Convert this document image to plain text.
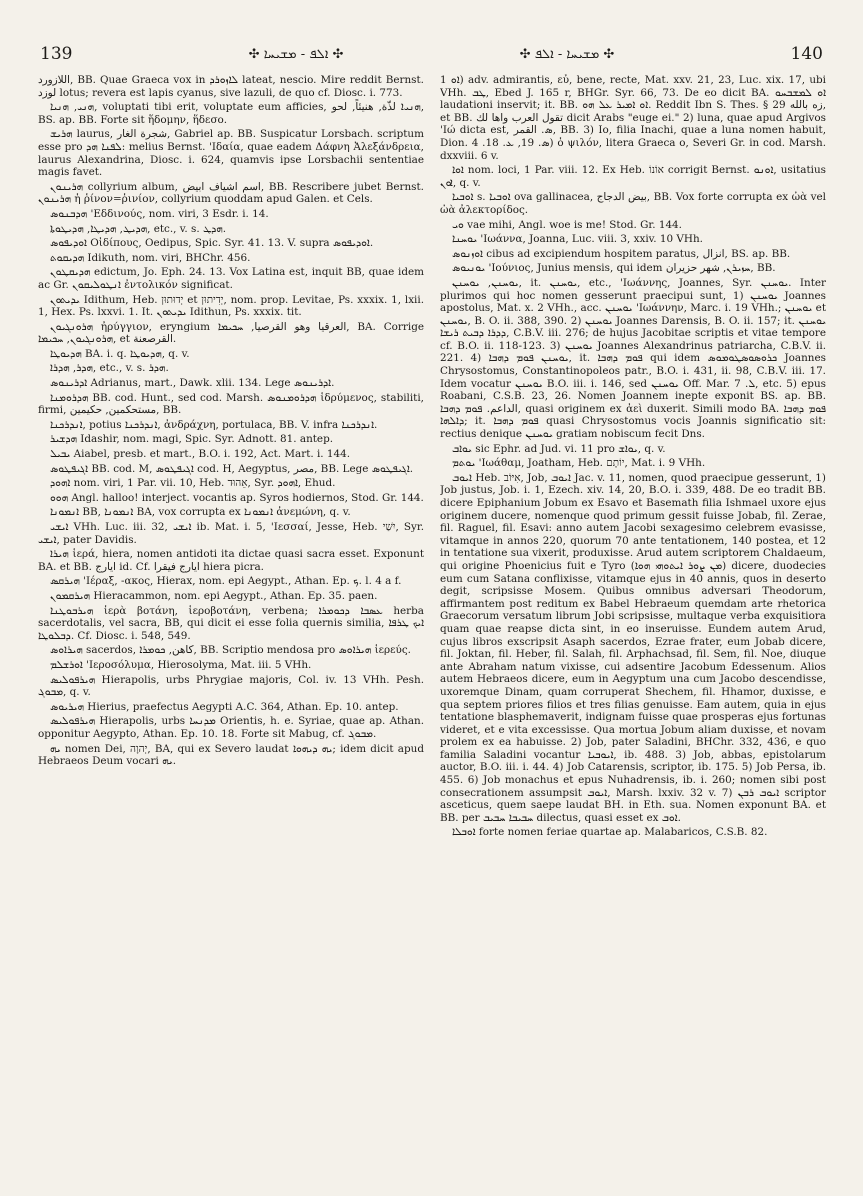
139	✣ ܐܠܦ - ܡܫܝܚܐ ✣	✣ ܡܫܝܚܐ - ܐܠܦ ✣	140

اللازورد, BB. Quae Graeca vox in ܠܐܙܘܪܕ lateat, nescio. Mire reddit Bernst. لوزد lotus; revera est lapis cyanus, sive lazuli, de quo cf. Diosc. i. 773.

ܗܢܝ, ܗܢܝܐ, voluptati tibi erit, voluptate eum afficies, ܗܢܝ‌ܐ لذّة, هنيئاً, لحو, BS. ap. BB. Forte sit ἥδομην, ἥδεσο.

ܗܪܝܫ laurus, شجرة الغار, Gabriel ap. BB. Suspicatur Lorsbach. scriptum esse pro ܠܦܢܐ ܗܕ: melius Bernst. 'Ιδαία, quae eadem Δάφνη Ἀλεξάνδρεια, laurus Alexandrina, Diosc. i. 624, quamvis ipse Lorsbachii sententiae magis favet.

ܗܪܝܢܘܢ collyrium album, اسم اشياف ابيض, BB. Rescribere jubet Bernst. ܗܪܝܢܘܢ ἡ ῥίνον=ῥινίον, collyrium quoddam apud Galen. et Cels.

ܗܕܒܢܘܣ 'Εδδινούς, nom. viri, 3 Esdr. i. 14.

ܗܕܝܛ, ܗܕܝܛܐ, ܗܕܝܛܘܬܐ, etc., v. s. ܗܕܛ.

ܐܘܕܝܦܘܣ Οἰδίπους, Oedipus, Spic. Syr. 41. 13. V. supra ܐܘܕܝܦܘܣ.

ܗܕܝܩܘܬ Idikuth, nom. viri, BHChr. 456.

ܗܕܝܩܛܘܢ edictum, Jo. Eph. 24. 13. Vox Latina est, inquit BB, quae idem ac Gr. ܐܢܛܘܠܝܩܘܢ ἐντολικόν significat.

ܝܕܝܬܘܢ Idithum, Heb. יְדוּתוּן et יְדִיתוּן, nom. prop. Levitae, Ps. xxxix. 1, lxii. 1, Hex. Ps. lxxvi. 1. It. ܝܕܝܬܘܢ Idithun, Ps. xxxix. tit.

ܗܪܘܢܓܝܘܢ ἠρύγγιον, eryngium العرقيا وهو القرصيا, ܚܟܝܡܐ, BA. Corrige ܗܪܘܢܓܝܘܢ, ܚܟܝܡܐ, et القرصعنة.

ܗܕܝܘܛܐ BA. i. q. ܗܕܝܘܛܐ, q. v.

ܗܕܪ, ܗܕܪܐ, etc., v. s. ܗܕܪ.

ܐܕܪܝܢܘܣ Adrianus, mart., Dawk. xlii. 134. Lege ܐܕܪܝܢܘܣ.

ܗܕܪܘܡܢܐ BB. cod. Hunt., sed cod. Marsh. ܗܕܪܘܡܢܘܣ ἱδρύμενος, stabiliti, firmi, مستحكمين, حكيمين, BB.

ܐܢܕܪܟܢܐ, potius ܐܢܕܪܟܢܐ, ἀνδράχνη, portulaca, BB. V. infra ܐܢܕܪܟܢܐ.

ܗܕܫܝܪ Idashir, nom. magi, Spic. Syr. Adnott. 81. antep.

ܝܒܝܠ Aiabel, presb. et mart., B.O. i. 192, Act. Mart. i. 144.

ܐܓܝܦܛܘܣ BB. cod. M, ܐܓܝܦܛܘܣ cod. H, Aegyptus, مصر, BB. Lege ܐܓܝܦܛܘܣ.

ܐܗܘܕ nom. viri, 1 Par. vii. 10, Heb. אֵהוּד, Syr. ܐܗܘܕ, Ehud.

ܗܘܘ Angl. halloo! interject. vocantis ap. Syros hodiernos, Stod. Gr. 144.

ܐܢܡܘܢܐ BB, ܐܢܡܘܢܐ BA, vox corrupta ex ܐܢܡܘܢܐ ἀνεμώνη, q. v.

ܐܝܫܝ VHh. Luc. iii. 32, ܐܝܫܝ ib. Mat. i. 5, 'Ιεσσαί, Jesse, Heb. יִשַׁי, Syr. ܐܝܫܝ, pater Davidis.

ܗܝܪܐ ἱερά, hiera, nomen antidoti ita dictae quasi sacra esset. Exponunt BA. et BB. ايارج id. Cf. ايارج فيقرا hiera picra.

ܗܝܪܩܣ 'Ιέραξ, -ακος, Hierax, nom. epi Aegypt., Athan. Ep. ܟ. l. 4 a f.

ܗܝܪܩܡܘܢ Hieracammon, nom. epi Aegypt., Athan. Ep. 35. paen.

ܗܝܪܒܘܛܢܐ ἱερὰ βοτάνη, ἱεροβοτάνη, verbena; ܥܣܒܐ ܕܟܘܡܪܐ herba sacerdotalis, vel sacra, BB, qui dicit ei esse folia quernis similia, ܐܝܟ ܛܪܦܐ ܕܒܠܘܛܐ. Cf. Diosc. i. 548, 549.

ܗܝܪܐܘܣ sacerdos, كاهن, ܟܘܡܪܐ, BB. Scriptio mendosa pro ܗܝܪܐܘܣ ἱερεύς.

ܐܘܪܫܠܡ 'Ιεροσόλυμα, Hierosolyma, Mat. iii. 5 VHh.

ܗܝܪܦܘܠܝܣ Hierapolis, urbs Phrygiae majoris, Col. iv. 13 VHh. Pesh. ܡܒܘܓ, q. v.

ܗܝܪܝܘܣ Hierius, praefectus Aegypti A.C. 364, Athan. Ep. 10. antep.

ܗܝܪܦܘܠܝܣ Hierapolis, urbs ܡܕܢܚܐ Orientis, h. e. Syriae, quae ap. Athan. opponitur Aegypto, Athan. Ep. 10. 18. Forte sit Mabug, cf. ܡܒܘܓ.

ܝܗ nomen Dei, יְהוָה, BA, qui ex Severo laudat ܝܗ ܕܝܗܘܐ; idem dicit apud Hebraeos Deum vocari ܝܗ.

ܐܘ 1) adv. admirantis, εὖ, bene, recte, Mat. xxv. 21, 23, Luc. xix. 17, ubi VHh. ܛܒ, Ebed J. 165 r, BHGr. Syr. 66, 73. De eo dicit BA. ܐܘ ܠܡܫܒܚܘ laudationi inservit; it. BB. ܐܘ ܐܡܝܪ ܥܠ ܗܘ. Reddit Ibn S. Thes. § 29 زه بالله, et BB. تقول العرب واها لك dicit Arabs "euge ei." 2) luna, quae apud Argivos 'Ιώ dicta est, ܣ. القمر, BB. 3) Io, filia Inachi, quae a luna nomen habuit, Dion. ܣ. 19, ܥ. 18. 4) ὁ ψιλόν, litera Graeca o, Severi Gr. in cod. Marsh. dxxviii. 6 v.

ܐܘܐ nom. loci, 1 Par. viii. 12. Ex Heb. אוֹנוֹ corrigit Bernst. ܐܘܢܘ, usitatius ܐܘܢ, q. v.

ܐܘܒܝܐ s. ܐܘܒܝܐ ova gallinacea, بيض الدجاج, BB. Vox forte corrupta ex ὠὰ vel ὠὰ ἀλεκτορίδος.

ܘܝ vae mihi, Angl. woe is me! Stod. Gr. 144.

ܝܘܚܢܐ 'Ιωάννα, Joanna, Luc. viii. 3, xxiv. 10 VHh.

ܐܘܙܢܘܣ cibus ad excipiendum hospitem paratus, انزال, BS. ap. BB.

ܝܘܢܝܘܣ 'Ιούνιος, Junius mensis, qui idem ܚܙܝܪܢ, شهر حزيران, BB.

ܝܘܚܢܢ, ܝܘܚܢܢ, it. ܝܘܚܢܢ, etc., 'Ιωάννης, Joannes, Syr. ܝܘܚܢܢ. Inter plurimos qui hoc nomen gesserunt praecipui sunt, 1) ܝܘܚܢܢ Joannes apostolus, Mat. x. 2 VHh., acc. ܝܘܚܢܢ 'Ιωάννην, Marc. i. 19 VHh.; ܝܘܚܢܢ et ܝܘܚܢܢ, B. O. ii. 388, 390. 2) ܝܘܚܢܢ Joannes Darensis, B. O. ii. 157; it. ܝܘܚܢܢ ܕܕܪܐ ܕܒܝܬ ܪܝܫܐ, C.B.V. iii. 276; de hujus Jacobitae scriptis et vitae tempore cf. B.O. ii. 118-123. 3) ܝܘܚܢܢ Joannes Alexandrinus patriarcha, C.B.V. ii. 221. 4) ܝܘܚܢܢ ܦܘܡ ܕܗܒܐ, it. ܦܘܡ ܕܗܒܐ qui idem ܟܪܘܣܘܣܛܘܡܘܣ Joannes Chrysostomus, Constantinopoleos patr., B.O. i. 431, ii. 98, C.B.V. iii. 17. Idem vocatur ܝܘܚܢܢ B.O. iii. i. 146, sed ܝܘܚܢܢ Off. Mar. ܠ. 7, etc. 5) epus Roabani, C.S.B. 23, 26. Nomen Joannem inepte exponit BS. ap. BB. الداعم. ܦܘܡ ܕܗܒܐ, quasi originem ex ἀεὶ duxerit. Simili modo BA. ܦܘܡ ܕܗܒܐ ܕܐܠܗܐ; it. ܦܘܡ ܕܗܒܐ quasi Chrysostomus vocis Joannis significatio sit: rectius denique ܝܘܚܢܢ gratiam nobiscum fecit Dns.

ܝܘܐܒ sic Ephr. ad Jud. vi. 11 pro ܝܘܐܫ, q. v.

ܝܘܬܡ 'Ιωάθαμ, Joatham, Heb. יוֹתָם, Mat. i. 9 VHh.

ܐܝܘܒ Heb. אִיּוֹב, Job, ܐܝܘܒ Jac. v. 11, nomen, quod praecipue gesserunt, 1) Job justus, Job. i. 1, Ezech. xiv. 14, 20, B.O. i. 339, 488. De eo tradit BB. dicere Epiphanium Jobum ex Esavo et Basemath filia Ishmael uxore ejus originem ducere, nomenque quod primum gessit fuisse Jobab, fil. Zerae, fil. Raguel, fil. Esavi: anno autem Jacobi sexagesimo celebrem evasisse, vitamque in annos 220, quorum 70 ante tentationem, 140 postea, et 12 in tentatione sua vixerit, produxisse. Arud autem scriptorem Chaldaeum, qui origine Phoenicius fuit e Tyro (ܡܢ ܨܘܪ ܐܝܬܘܗܝ ܗܘܐ) dicere, duodecies eum cum Satana conflixisse, vitamque ejus in 40 annis, quos in deserto degit, scripsisse Mosem. Quibus omnibus adversari Theodorum, affirmantem post reditum ex Babel Hebraeum quemdam arte rhetorica Graecorum versatum librum Jobi scripsisse, multaque verba exquisitiora quam quae reapse dicta sint, in eo inseruisse. Eundem autem Arud, cujus libros exscripsit Asaph sacerdos, Ezrae frater, eum Jobab dicere, fil. Joktan, fil. Heber, fil. Salah, fil. Arphachsad, fil. Sem, fil. Noe, diuque ante Abraham natum vixisse, cui adsentire Jacobum Edessenum. Alios autem Hebraeos dicere, eum in Aegyptum una cum Jacobo descendisse, uxoremque Dinam, quam corruperat Shechem, fil. Hhamor, duxisse, e qua septem priores filios et tres filias genuisse. Eam autem, quia in ejus tentatione blasphemaverit, indignam fuisse quae prosperas ejus fortunas videret, et e vita excessisse. Qua mortua Jobum aliam duxisse, et novam prolem ex ea habuisse. 2) Job, pater Saladini, BHChr. 332, 436, e quo familia Saladini vocantur ܐܝܘܒܝܐ, ib. 488. 3) Job, abbas, epistolarum auctor, B.O. iii. i. 44. 4) Job Catarensis, scriptor, ib. 175. 5) Job Persa, ib. 455. 6) Job monachus et epus Nuhadrensis, ib. i. 260; nomen sibi post consecrationem assumpsit ܐܝܘܒ, Marsh. lxxiv. 32 v. 7) ܐܝܘܒ ܪܒܢ scriptor asceticus, quem saepe laudat BH. in Eth. sua. Nomen exponunt BA. et BB. per ܚܒܝܒܐ ܚܒܝܒ dilectus, quasi esset ex ܐܘܒ.

ܐܘܒܠܐ forte nomen feriae quartae ap. Malabaricos, C.S.B. 82.
